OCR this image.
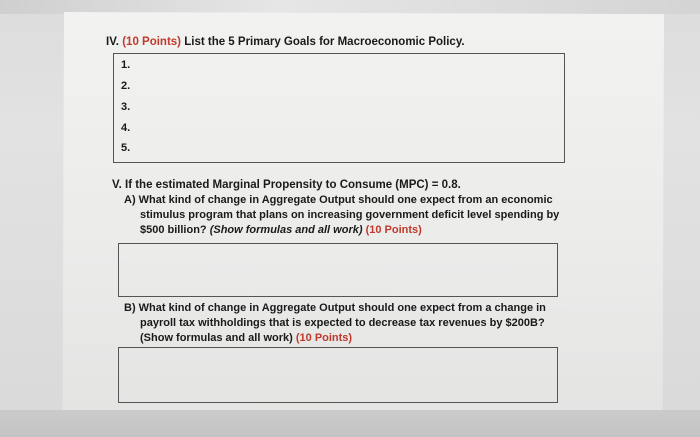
IV. (10 Points) List the 5 Primary Goals for Macroeconomic Policy.
1.
2.
3.
4.
5.
V. If the estimated Marginal Propensity to Consume (MPC) = 0.8.
A) What kind of change in Aggregate Output should one expect from an economic
stimulus program that plans on increasing government deficit level spending by
$500 billion? (Show formulas and all work) (10 Points)
B) What kind of change in Aggregate Output should one expect from a change in
payroll tax withholdings that is expected to decrease tax revenues by $200B?
(Show formulas and all work) (10 Points)
